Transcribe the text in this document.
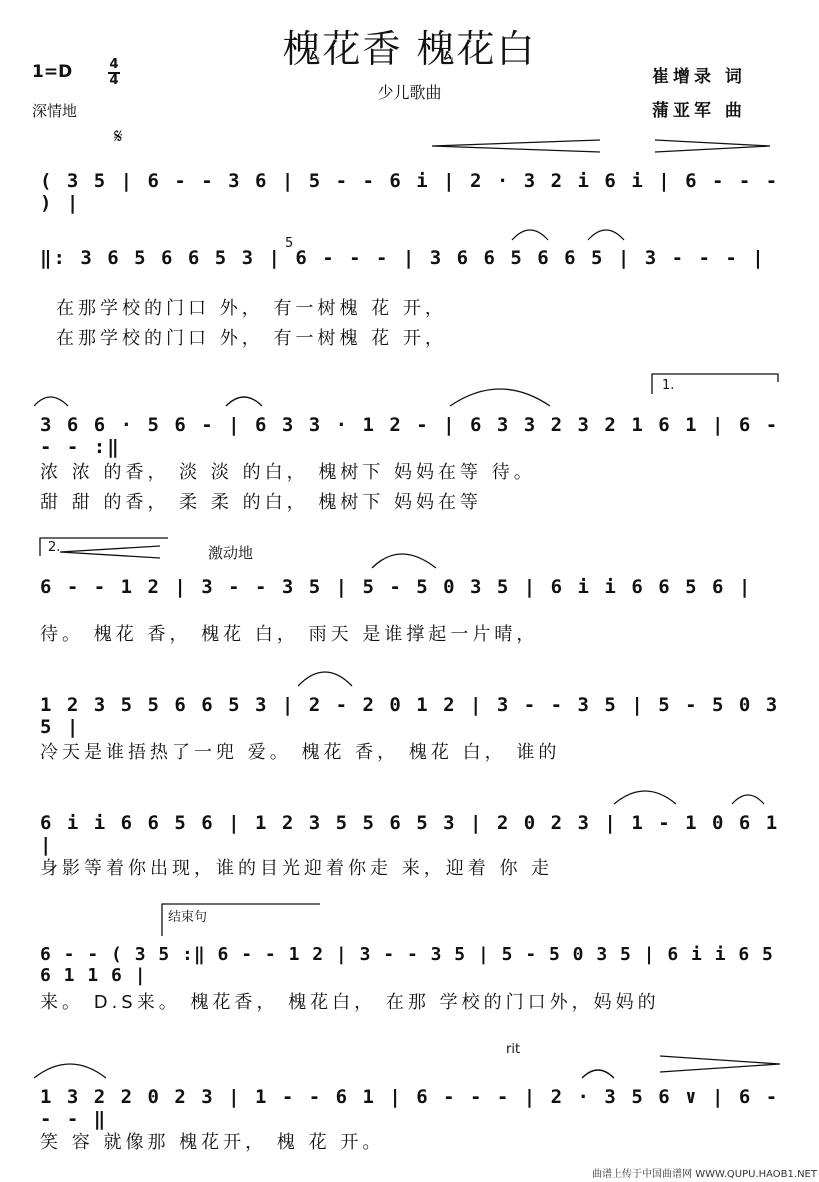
槐花香 槐花白
少儿歌曲
1=D	4
4
深情地
崔增录 词
蒲亚军 曲
𝄋
( 3 5 | 6 - - 3 6 | 5 - - 6 i | 2 · 3 2 i 6 i | 6 - - - ) |
‖: 3 6 5 6 6 5 3 | 6 - - - | 3 6 6 5 6 6 5 | 3 - - - |
5
在那学校的门口 外， 有一树槐 花 开，
在那学校的门口 外， 有一树槐 花 开，
1.
3 6 6 · 5 6 - | 6 3 3 · 1 2 - | 6 3 3 2 3 2 1 6 1 | 6 - - - :‖
浓 浓 的香， 淡 淡 的白， 槐树下 妈妈在等 待。
甜 甜 的香， 柔 柔 的白， 槐树下 妈妈在等
2.	激动地
6 - - 1 2 | 3 - - 3 5 | 5 - 5 0 3 5 | 6 i i 6 6 5 6 |
待。 槐花 香， 槐花 白， 雨天 是谁撑起一片晴，
1 2 3 5 5 6 6 5 3 | 2 - 2 0 1 2 | 3 - - 3 5 | 5 - 5 0 3 5 |
冷天是谁捂热了一兜 爱。 槐花 香， 槐花 白， 谁的
6 i i 6 6 5 6 | 1 2 3 5 5 6 5 3 | 2 0 2 3 | 1 - 1 0 6 1 |
身影等着你出现，谁的目光迎着你走 来，迎着 你 走
结束句
6 - - ( 3 5 :‖ 6 - - 1 2 | 3 - - 3 5 | 5 - 5 0 3 5 | 6 i i 6 5 6 1 1 6 |
来。 D.S来。 槐花香， 槐花白， 在那 学校的门口外，妈妈的
rit
1 3 2 2 0 2 3 | 1 - - 6 1 | 6 - - - | 2 · 3 5 6 ∨ | 6 - - - ‖
笑 容 就像那 槐花开， 槐 花 开。
曲谱上传于中国曲谱网 WWW.QUPU.HAOB1.NET
